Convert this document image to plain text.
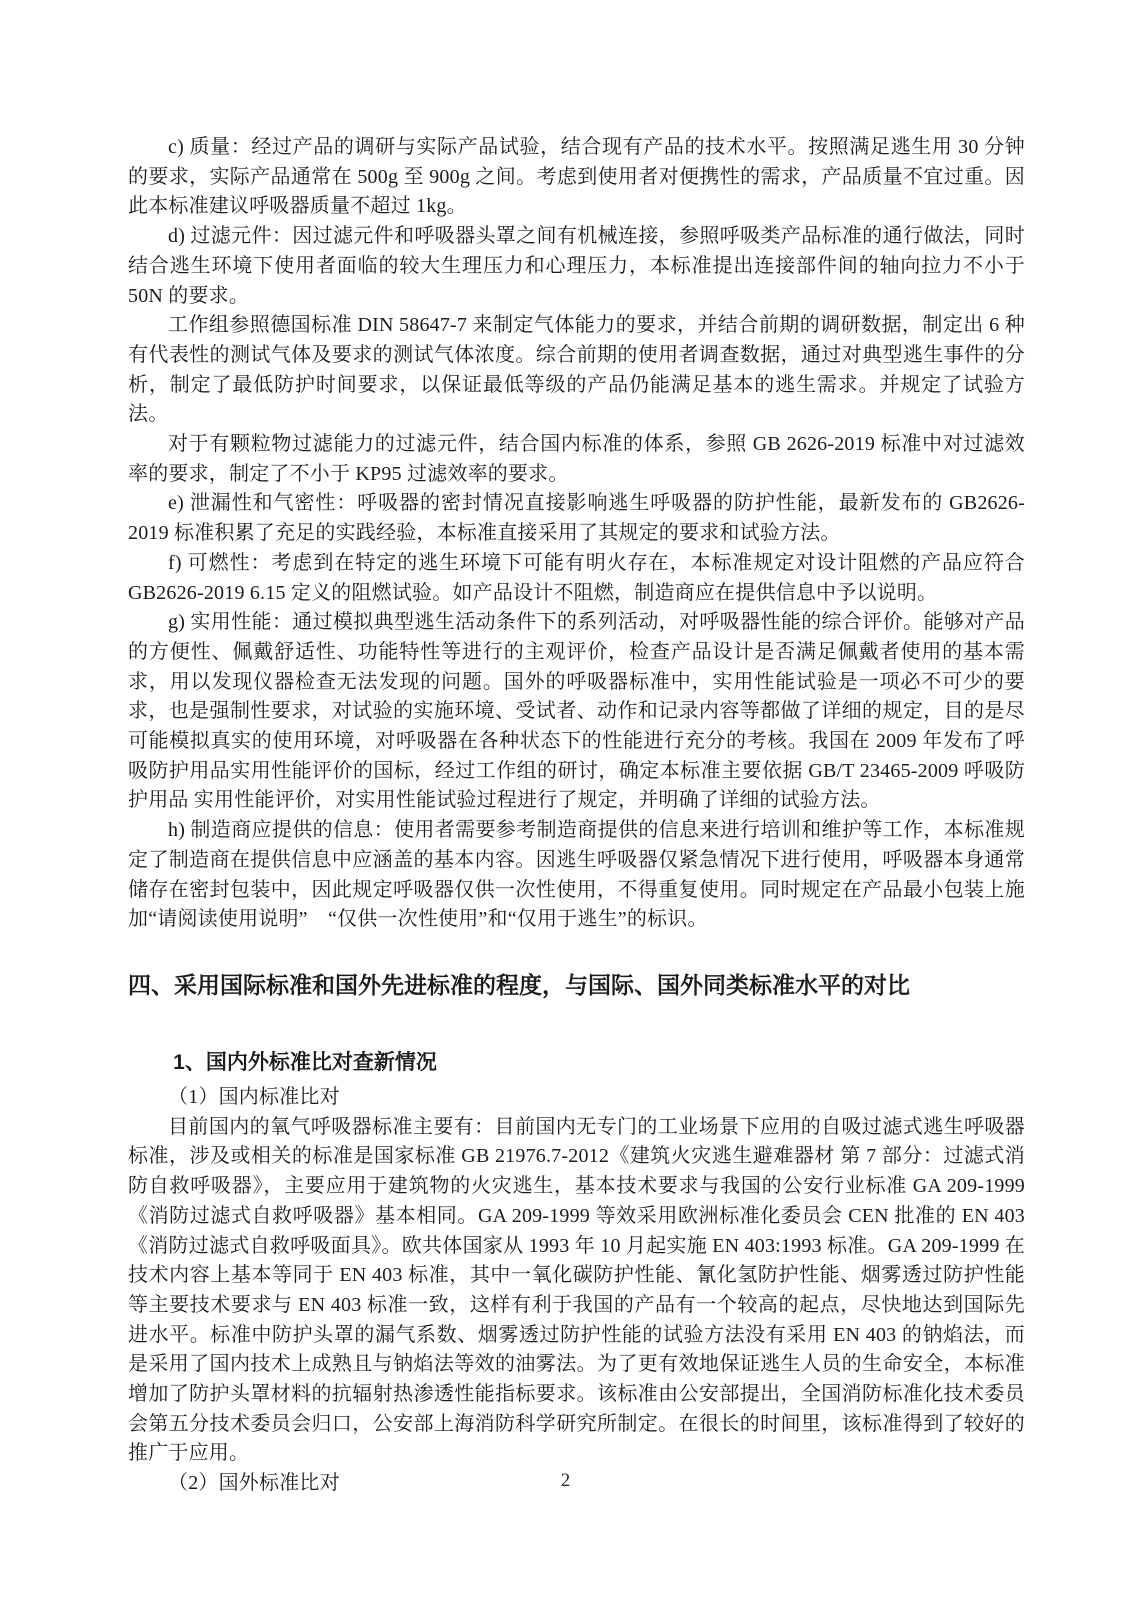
c) 质量：经过产品的调研与实际产品试验，结合现有产品的技术水平。按照满足逃生用 30 分钟的要求，实际产品通常在 500g 至 900g 之间。考虑到使用者对便携性的需求，产品质量不宜过重。因此本标准建议呼吸器质量不超过 1kg。

d) 过滤元件：因过滤元件和呼吸器头罩之间有机械连接，参照呼吸类产品标准的通行做法，同时结合逃生环境下使用者面临的较大生理压力和心理压力，本标准提出连接部件间的轴向拉力不小于 50N 的要求。

工作组参照德国标准 DIN 58647-7 来制定气体能力的要求，并结合前期的调研数据，制定出 6 种有代表性的测试气体及要求的测试气体浓度。综合前期的使用者调查数据，通过对典型逃生事件的分析，制定了最低防护时间要求，以保证最低等级的产品仍能满足基本的逃生需求。并规定了试验方法。

对于有颗粒物过滤能力的过滤元件，结合国内标准的体系，参照 GB 2626-2019 标准中对过滤效率的要求，制定了不小于 KP95 过滤效率的要求。

e) 泄漏性和气密性：呼吸器的密封情况直接影响逃生呼吸器的防护性能，最新发布的 GB2626-2019 标准积累了充足的实践经验，本标准直接采用了其规定的要求和试验方法。

f) 可燃性：考虑到在特定的逃生环境下可能有明火存在，本标准规定对设计阻燃的产品应符合 GB2626-2019 6.15 定义的阻燃试验。如产品设计不阻燃，制造商应在提供信息中予以说明。

g) 实用性能：通过模拟典型逃生活动条件下的系列活动，对呼吸器性能的综合评价。能够对产品的方便性、佩戴舒适性、功能特性等进行的主观评价，检查产品设计是否满足佩戴者使用的基本需求，用以发现仪器检查无法发现的问题。国外的呼吸器标准中，实用性能试验是一项必不可少的要求，也是强制性要求，对试验的实施环境、受试者、动作和记录内容等都做了详细的规定，目的是尽可能模拟真实的使用环境，对呼吸器在各种状态下的性能进行充分的考核。我国在 2009 年发布了呼吸防护用品实用性能评价的国标，经过工作组的研讨，确定本标准主要依据 GB/T 23465-2009 呼吸防护用品 实用性能评价，对实用性能试验过程进行了规定，并明确了详细的试验方法。

h) 制造商应提供的信息：使用者需要参考制造商提供的信息来进行培训和维护等工作，本标准规定了制造商在提供信息中应涵盖的基本内容。因逃生呼吸器仅紧急情况下进行使用，呼吸器本身通常储存在密封包装中，因此规定呼吸器仅供一次性使用，不得重复使用。同时规定在产品最小包装上施加“请阅读使用说明”　“仅供一次性使用”和“仅用于逃生”的标识。

四、采用国际标准和国外先进标准的程度，与国际、国外同类标准水平的对比

1、国内外标准比对查新情况

（1）国内标准比对

目前国内的氧气呼吸器标准主要有：目前国内无专门的工业场景下应用的自吸过滤式逃生呼吸器标准，涉及或相关的标准是国家标准 GB 21976.7-2012《建筑火灾逃生避难器材 第 7 部分：过滤式消防自救呼吸器》，主要应用于建筑物的火灾逃生，基本技术要求与我国的公安行业标准 GA 209-1999《消防过滤式自救呼吸器》基本相同。GA 209-1999 等效采用欧洲标准化委员会 CEN 批准的 EN 403《消防过滤式自救呼吸面具》。欧共体国家从 1993 年 10 月起实施 EN 403:1993 标准。GA 209-1999 在技术内容上基本等同于 EN 403 标准，其中一氧化碳防护性能、氰化氢防护性能、烟雾透过防护性能等主要技术要求与 EN 403 标准一致，这样有利于我国的产品有一个较高的起点，尽快地达到国际先进水平。标准中防护头罩的漏气系数、烟雾透过防护性能的试验方法没有采用 EN 403 的钠焰法，而是采用了国内技术上成熟且与钠焰法等效的油雾法。为了更有效地保证逃生人员的生命安全，本标准增加了防护头罩材料的抗辐射热渗透性能指标要求。该标准由公安部提出，全国消防标准化技术委员会第五分技术委员会归口，公安部上海消防科学研究所制定。在很长的时间里，该标准得到了较好的推广于应用。

（2）国外标准比对	2
